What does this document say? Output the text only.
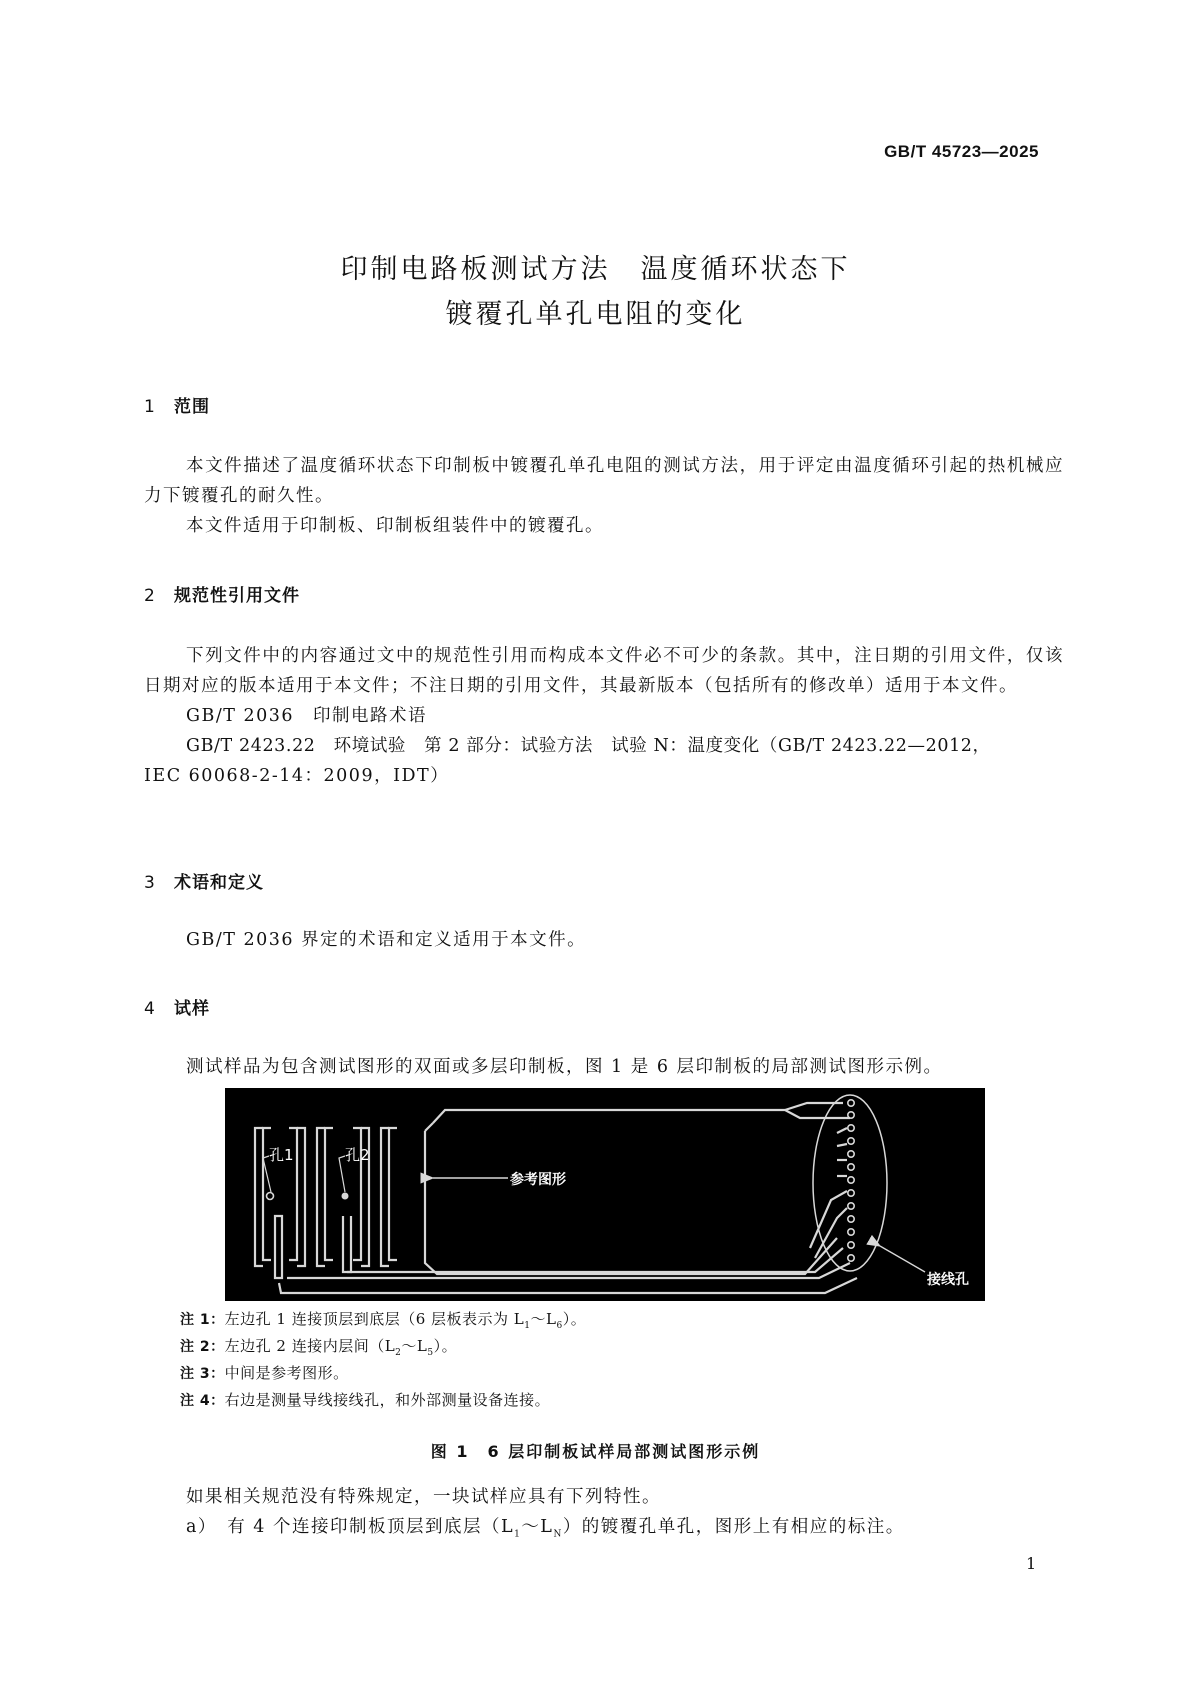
GB/T 45723—2025
印制电路板测试方法　温度循环状态下
镀覆孔单孔电阻的变化
1 范围

本文件描述了温度循环状态下印制板中镀覆孔单孔电阻的测试方法，用于评定由温度循环引起的热机械应力下镀覆孔的耐久性。

本文件适用于印制板、印制板组装件中的镀覆孔。

2 规范性引用文件

下列文件中的内容通过文中的规范性引用而构成本文件必不可少的条款。其中，注日期的引用文件，仅该日期对应的版本适用于本文件；不注日期的引用文件，其最新版本（包括所有的修改单）适用于本文件。

GB/T 2036　印制电路术语

GB/T 2423.22　环境试验　第 2 部分：试验方法　试验 N：温度变化（GB/T 2423.22—2012，

IEC 60068-2-14：2009，IDT）

3 术语和定义

GB/T 2036 界定的术语和定义适用于本文件。

4 试样

测试样品为包含测试图形的双面或多层印制板，图 1 是 6 层印制板的局部测试图形示例。

孔1	孔2
参考图形
接线孔
注 1：左边孔 1 连接顶层到底层（6 层板表示为 $L_1\sim L_6$）。
注 2：左边孔 2 连接内层间$(L_2\sim L_5)$。
注 3：中间是参考图形。
注 4：右边是测量导线接线孔，和外部测量设备连接。
图 1　6 层印制板试样局部测试图形示例

如果相关规范没有特殊规定，一块试样应具有下列特性。

a）　 有 4 个连接印制板顶层到底层$(L_1\sim L_N)$的镀覆孔单孔，图形上有相应的标注。

1
